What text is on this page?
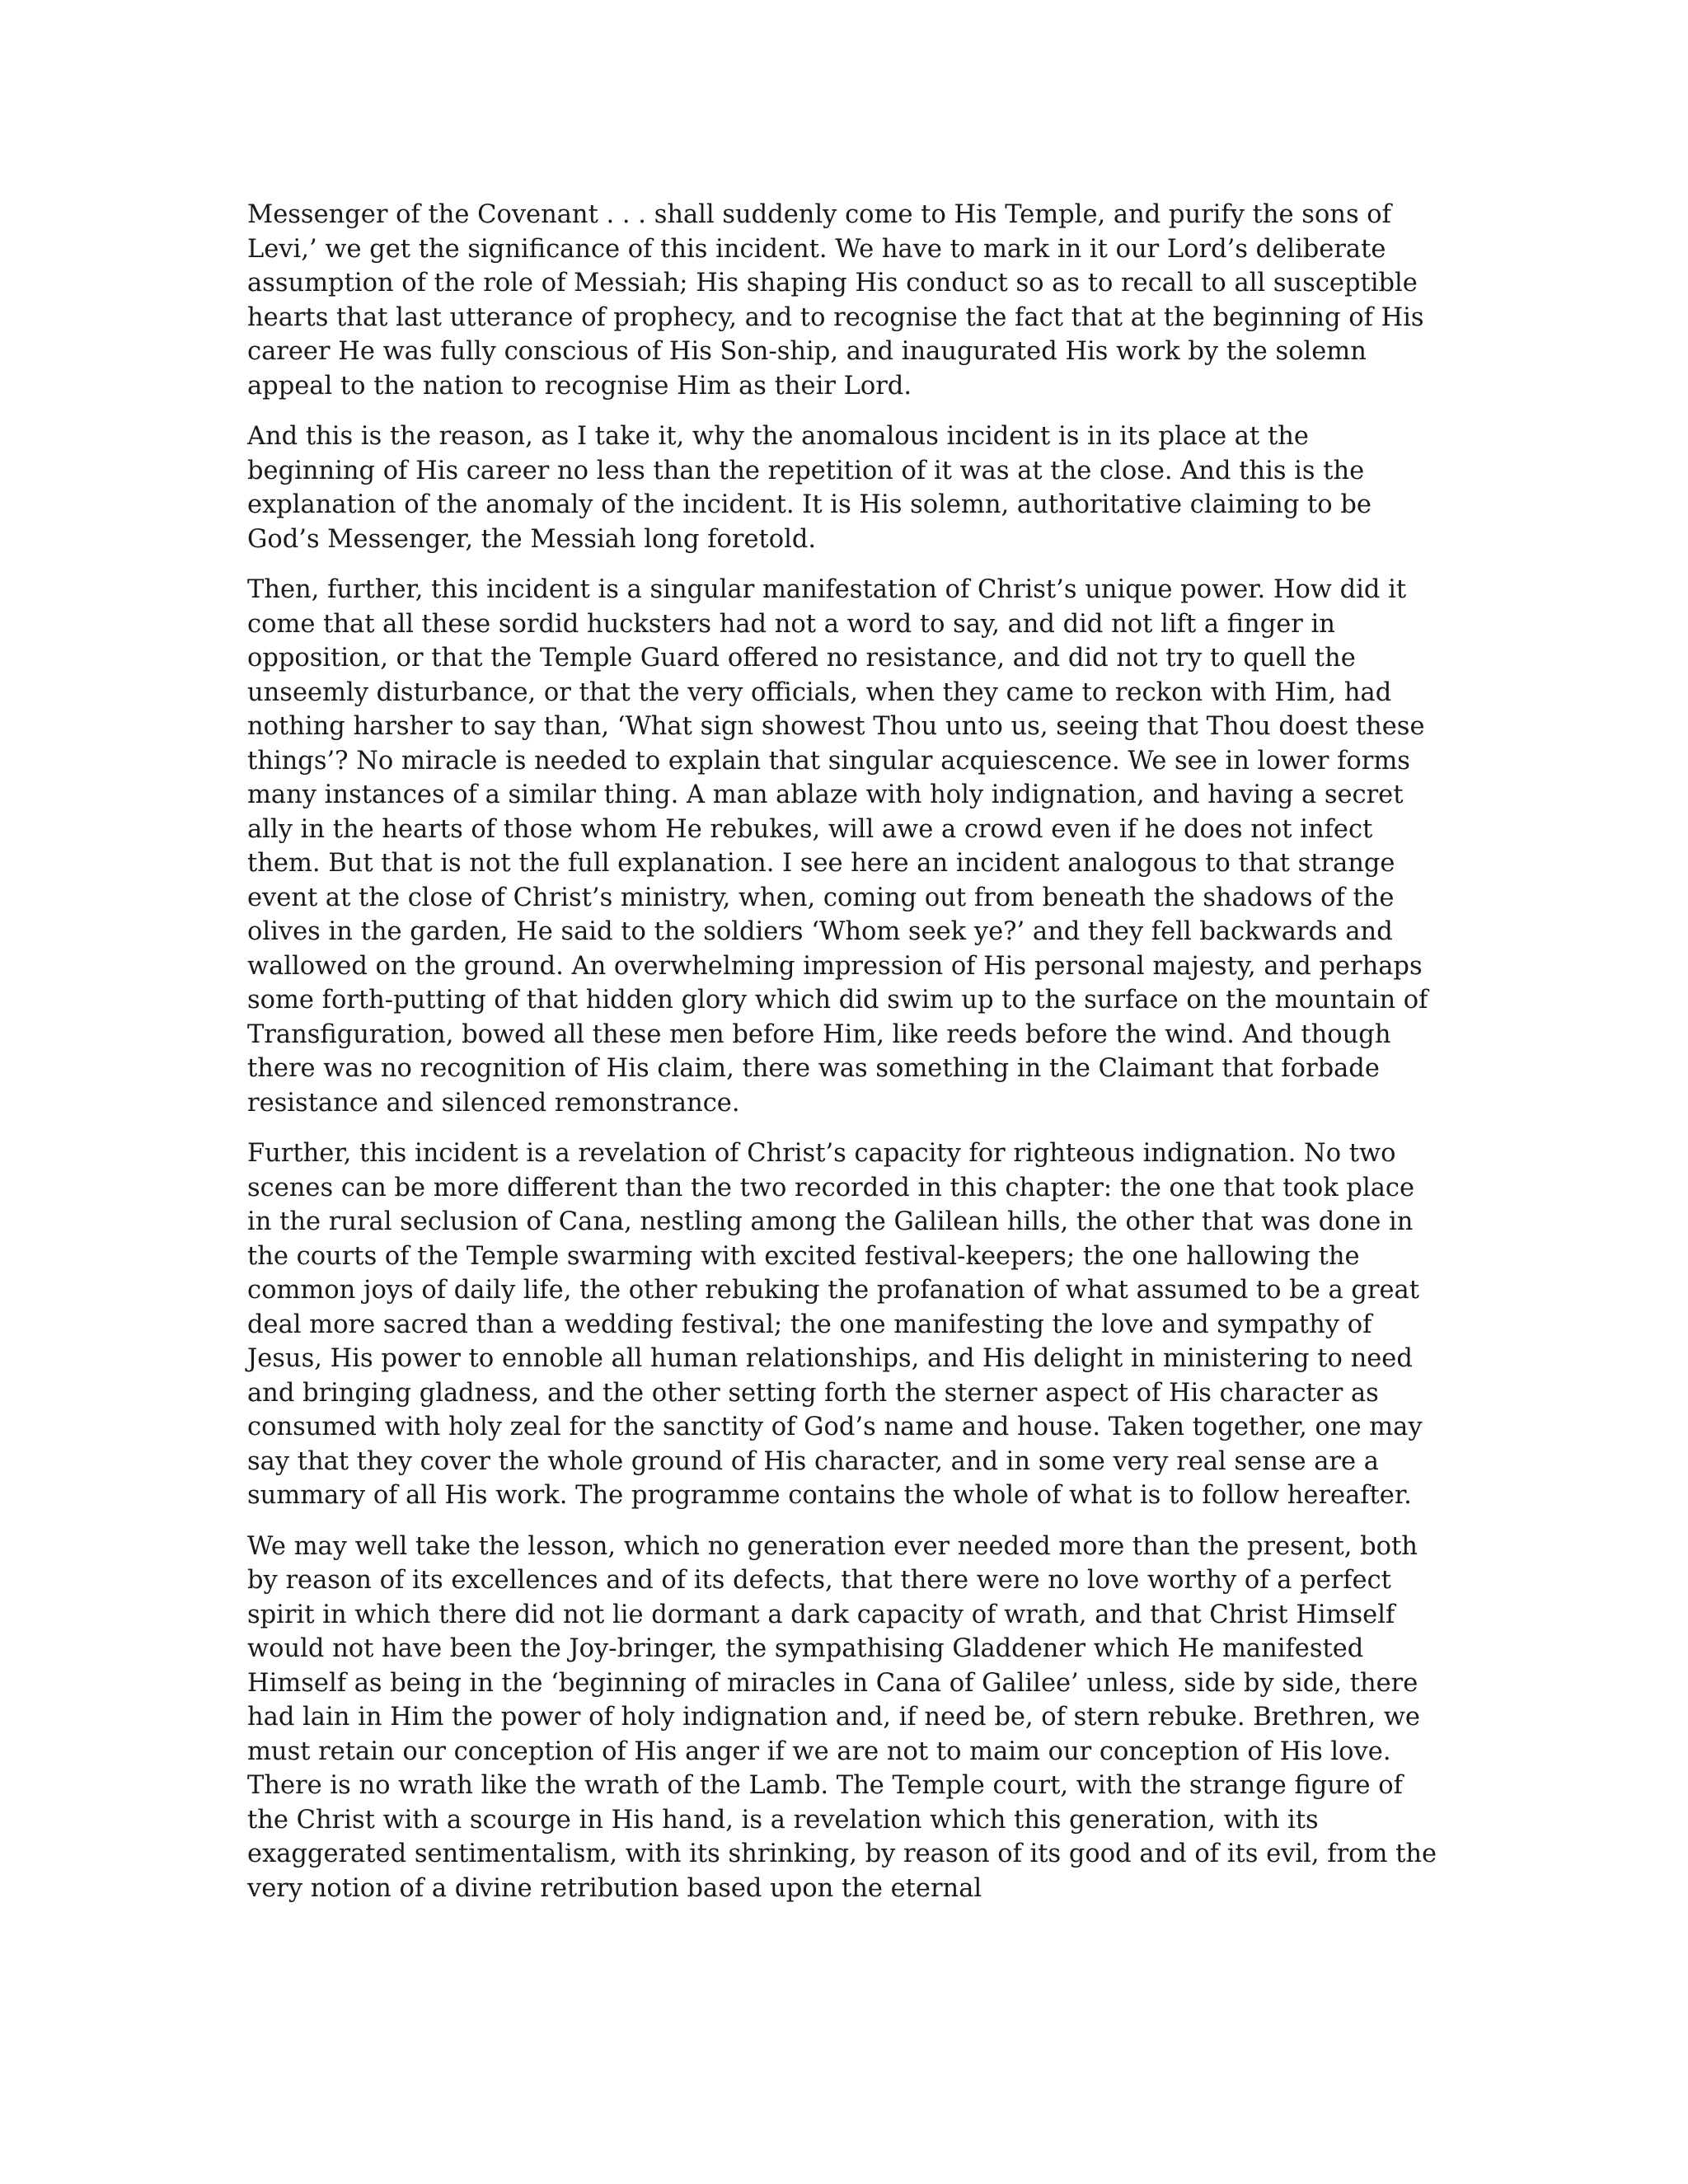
Messenger of the Covenant . . . shall suddenly come to His Temple, and purify the sons of Levi,’ we get the significance of this incident. We have to mark in it our Lord’s deliberate assumption of the role of Messiah; His shaping His conduct so as to recall to all susceptible hearts that last utterance of prophecy, and to recognise the fact that at the beginning of His career He was fully conscious of His Son-ship, and inaugurated His work by the solemn appeal to the nation to recognise Him as their Lord.

And this is the reason, as I take it, why the anomalous incident is in its place at the beginning of His career no less than the repetition of it was at the close. And this is the explanation of the anomaly of the incident. It is His solemn, authoritative claiming to be God’s Messenger, the Messiah long foretold.

Then, further, this incident is a singular manifestation of Christ’s unique power. How did it come that all these sordid hucksters had not a word to say, and did not lift a finger in opposition, or that the Temple Guard offered no resistance, and did not try to quell the unseemly disturbance, or that the very officials, when they came to reckon with Him, had nothing harsher to say than, ‘What sign showest Thou unto us, seeing that Thou doest these things’? No miracle is needed to explain that singular acquiescence. We see in lower forms many instances of a similar thing. A man ablaze with holy indignation, and having a secret ally in the hearts of those whom He rebukes, will awe a crowd even if he does not infect them. But that is not the full explanation. I see here an incident analogous to that strange event at the close of Christ’s ministry, when, coming out from beneath the shadows of the olives in the garden, He said to the soldiers ‘Whom seek ye?’ and they fell backwards and wallowed on the ground. An overwhelming impression of His personal majesty, and perhaps some forth-putting of that hidden glory which did swim up to the surface on the mountain of Transfiguration, bowed all these men before Him, like reeds before the wind. And though there was no recognition of His claim, there was something in the Claimant that forbade resistance and silenced remonstrance.

Further, this incident is a revelation of Christ’s capacity for righteous indignation. No two scenes can be more different than the two recorded in this chapter: the one that took place in the rural seclusion of Cana, nestling among the Galilean hills, the other that was done in the courts of the Temple swarming with excited festival-keepers; the one hallowing the common joys of daily life, the other rebuking the profanation of what assumed to be a great deal more sacred than a wedding festival; the one manifesting the love and sympathy of Jesus, His power to ennoble all human relationships, and His delight in ministering to need and bringing gladness, and the other setting forth the sterner aspect of His character as consumed with holy zeal for the sanctity of God’s name and house. Taken together, one may say that they cover the whole ground of His character, and in some very real sense are a summary of all His work. The programme contains the whole of what is to follow hereafter.

We may well take the lesson, which no generation ever needed more than the present, both by reason of its excellences and of its defects, that there were no love worthy of a perfect spirit in which there did not lie dormant a dark capacity of wrath, and that Christ Himself would not have been the Joy-bringer, the sympathising Gladdener which He manifested Himself as being in the ‘beginning of miracles in Cana of Galilee’ unless, side by side, there had lain in Him the power of holy indignation and, if need be, of stern rebuke. Brethren, we must retain our conception of His anger if we are not to maim our conception of His love. There is no wrath like the wrath of the Lamb. The Temple court, with the strange figure of the Christ with a scourge in His hand, is a revelation which this generation, with its exaggerated sentimentalism, with its shrinking, by reason of its good and of its evil, from the very notion of a divine retribution based upon the eternal
